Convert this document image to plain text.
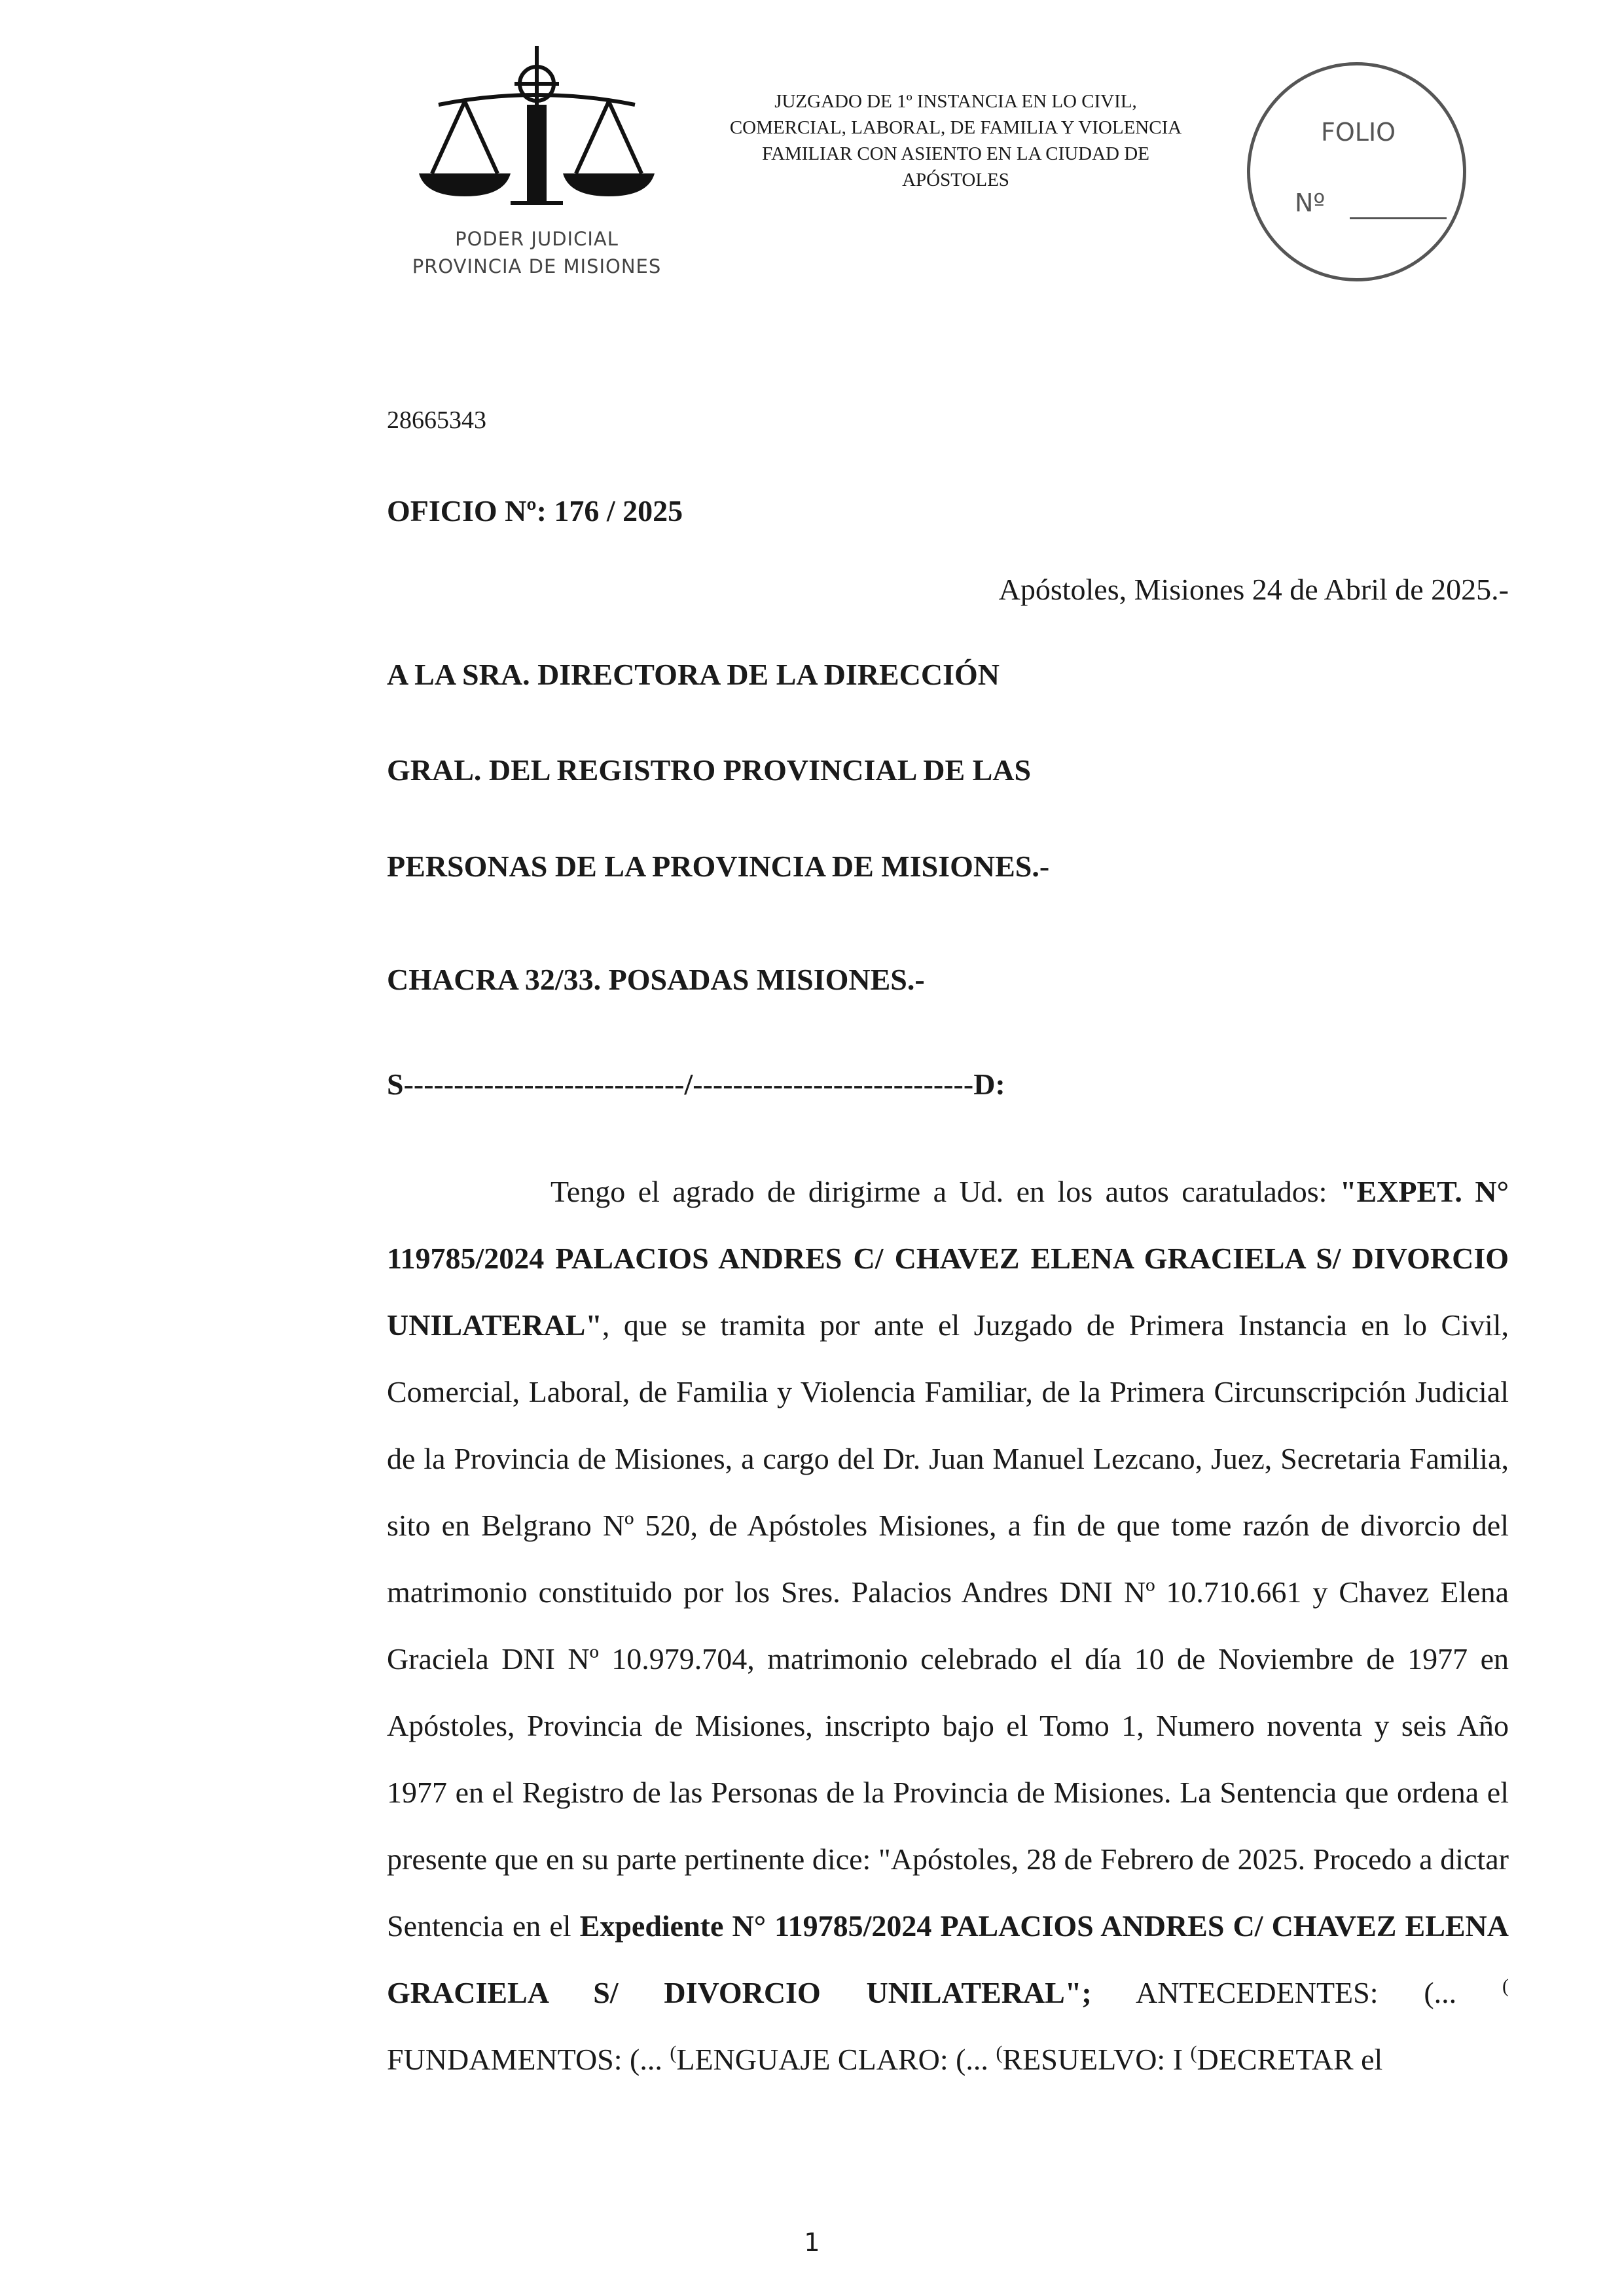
PODER JUDICIAL
PROVINCIA DE MISIONES
JUZGADO DE 1º INSTANCIA EN LO CIVIL,
COMERCIAL, LABORAL, DE FAMILIA Y VIOLENCIA
FAMILIAR CON ASIENTO EN LA CIUDAD DE
APÓSTOLES
FOLIO
Nº
28665343
OFICIO Nº: 176 / 2025
Apóstoles, Misiones 24 de Abril de 2025.-
A LA SRA. DIRECTORA DE LA DIRECCIÓN
GRAL. DEL REGISTRO PROVINCIAL DE LAS
PERSONAS DE LA PROVINCIA DE MISIONES.-
CHACRA 32/33. POSADAS MISIONES.-
S----------------------------/----------------------------D:

Tengo el agrado de dirigirme a Ud. en los autos caratulados: "EXPET. N° 119785/2024 PALACIOS ANDRES C/ CHAVEZ ELENA GRACIELA S/ DIVORCIO UNILATERAL", que se tramita por ante el Juzgado de Primera Instancia en lo Civil, Comercial, Laboral, de Familia y Violencia Familiar, de la Primera Circunscripción Judicial de la Provincia de Misiones, a cargo del Dr. Juan Manuel Lezcano, Juez, Secretaria Familia, sito en Belgrano Nº 520, de Apóstoles Misiones, a fin de que tome razón de divorcio del matrimonio constituido por los Sres. Palacios Andres DNI Nº 10.710.661 y Chavez Elena Graciela DNI Nº 10.979.704, matrimonio celebrado el día 10 de Noviembre de 1977 en Apóstoles, Provincia de Misiones, inscripto bajo el Tomo 1, Numero noventa y seis Año 1977 en el Registro de las Personas de la Provincia de Misiones. La Sentencia que ordena el presente que en su parte pertinente dice: "Apóstoles, 28 de Febrero de 2025. Procedo a dictar Sentencia en el Expediente N° 119785/2024 PALACIOS ANDRES C/ CHAVEZ ELENA GRACIELA S/ DIVORCIO UNILATERAL"; ANTECEDENTES: (... ( FUNDAMENTOS: (... (LENGUAJE CLARO: (... (RESUELVO: I (DECRETAR el

1
